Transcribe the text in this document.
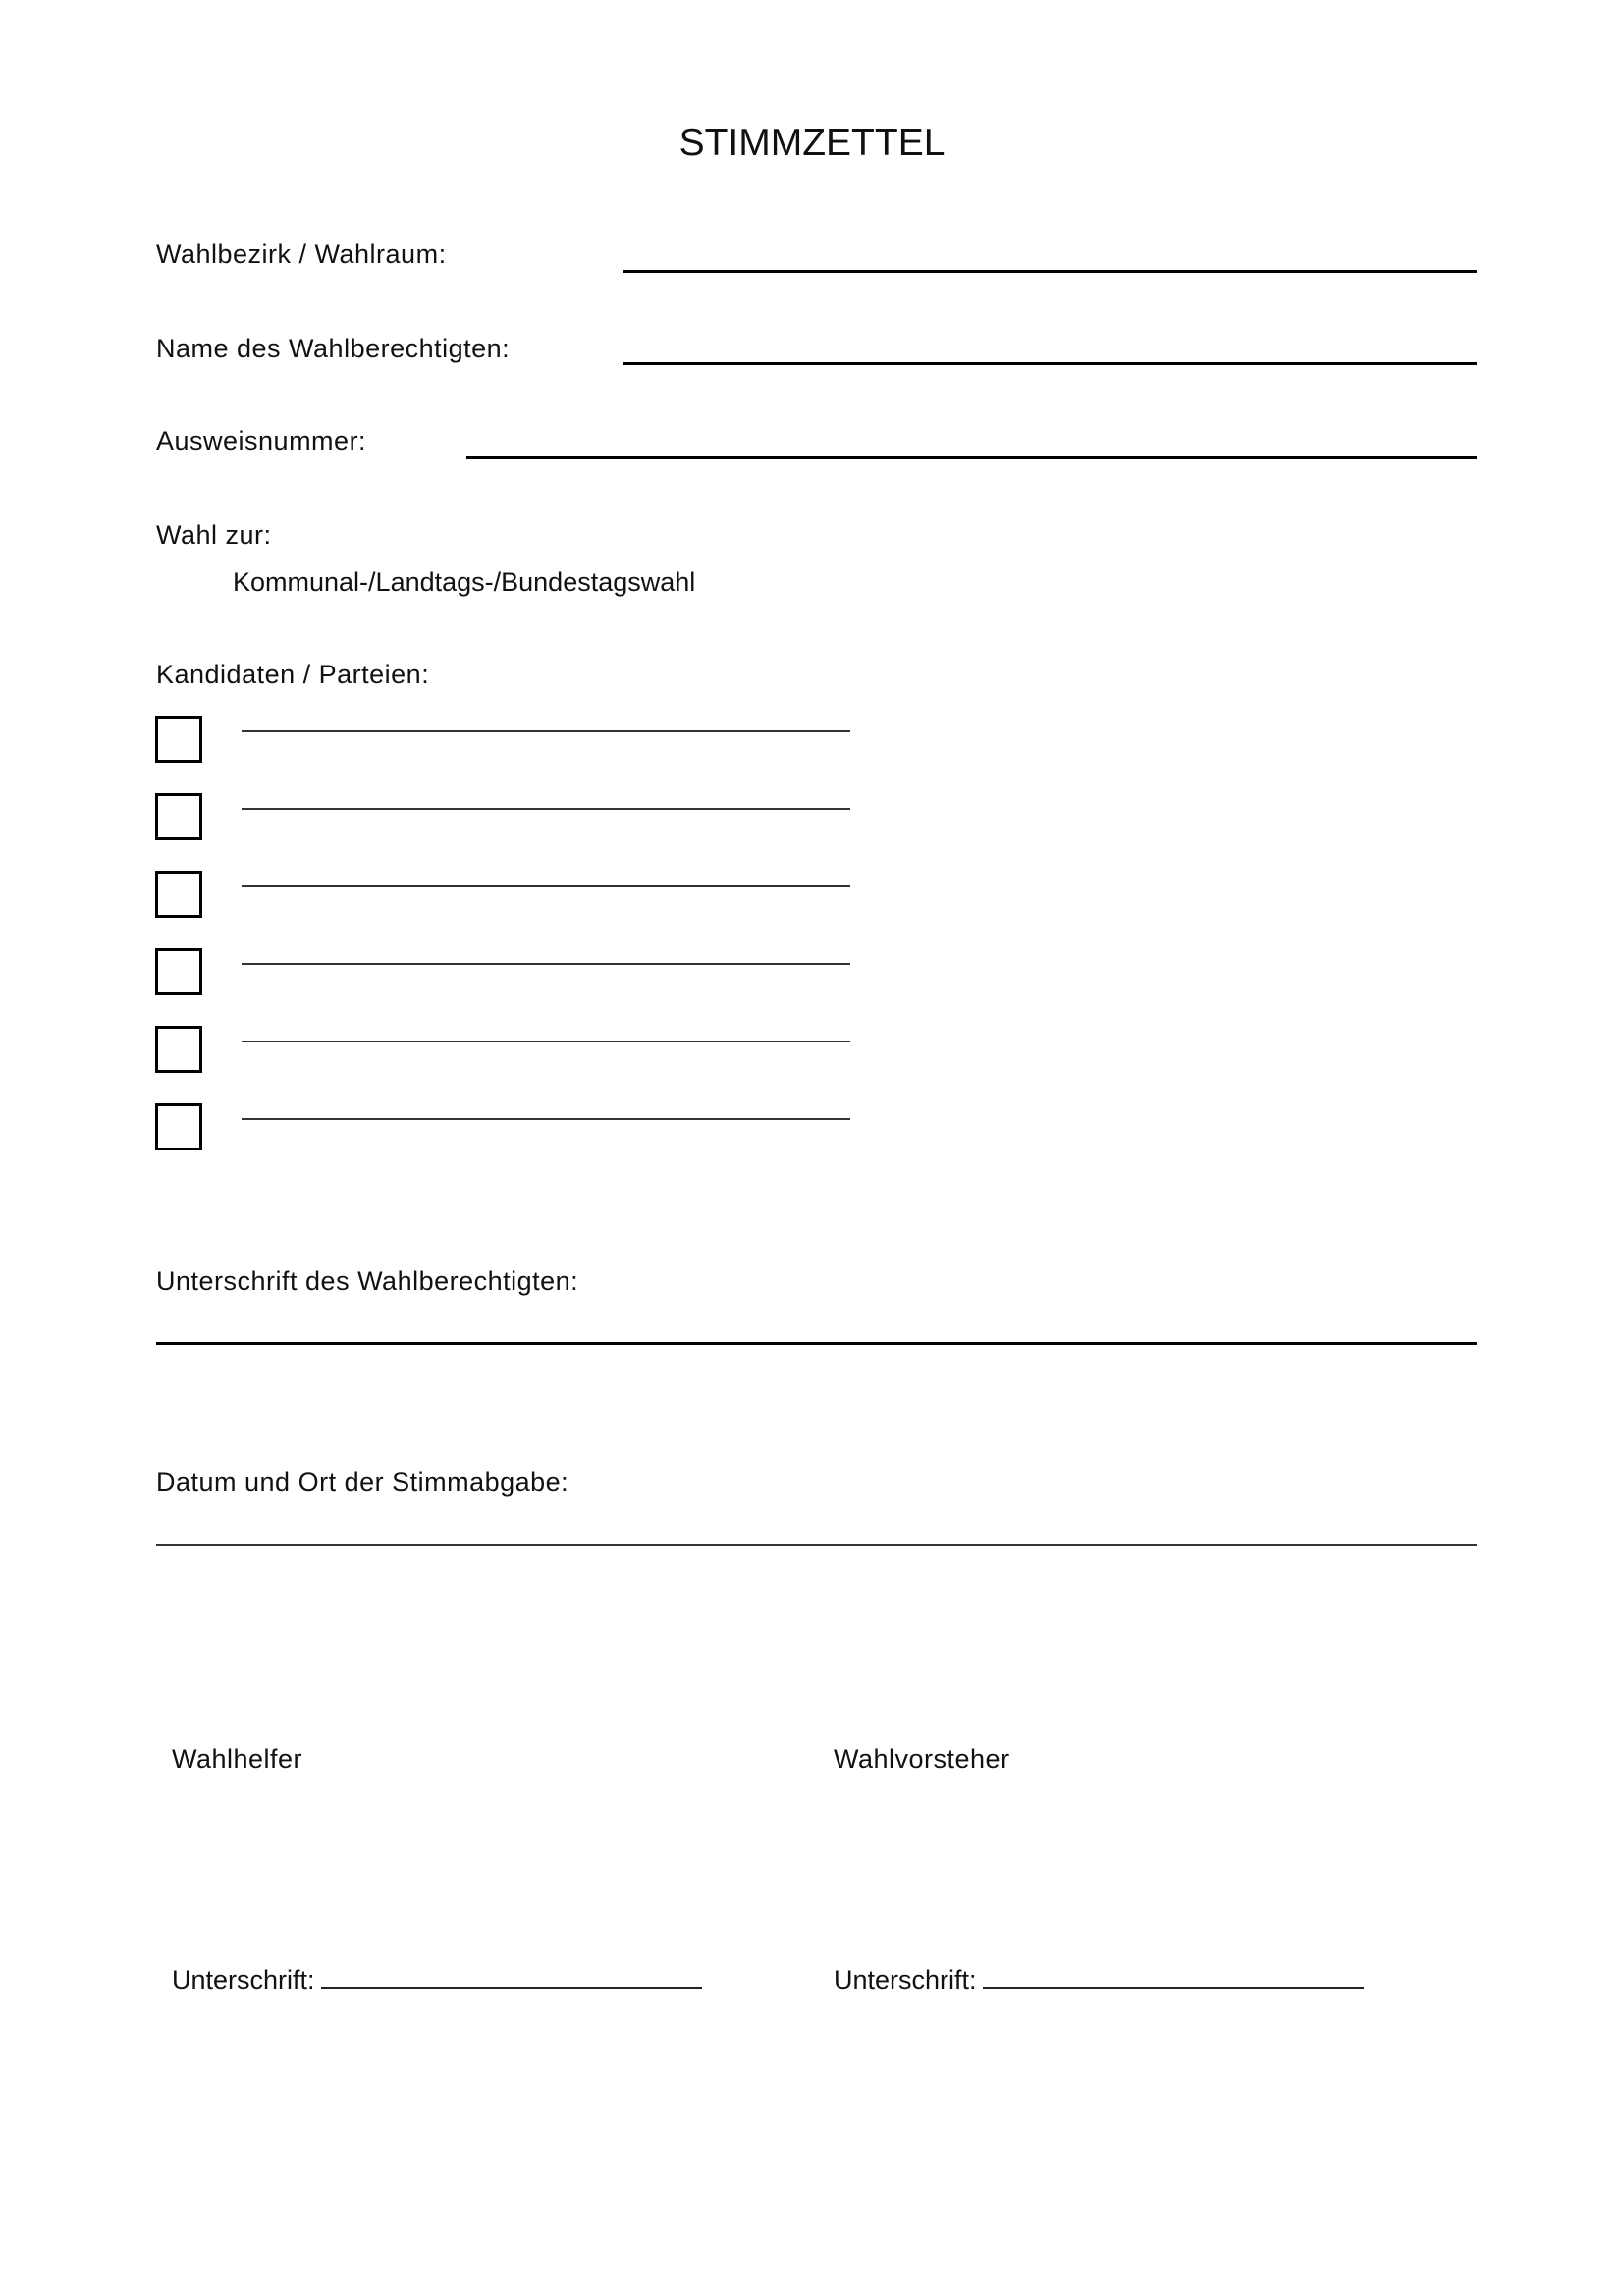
STIMMZETTEL
Wahlbezirk / Wahlraum:
Name des Wahlberechtigten:
Ausweisnummer:
Wahl zur:
Kommunal-/Landtags-/Bundestagswahl
Kandidaten / Parteien:
Unterschrift des Wahlberechtigten:
Datum und Ort der Stimmabgabe:
Wahlhelfer	Wahlvorsteher
Unterschrift:	Unterschrift:
